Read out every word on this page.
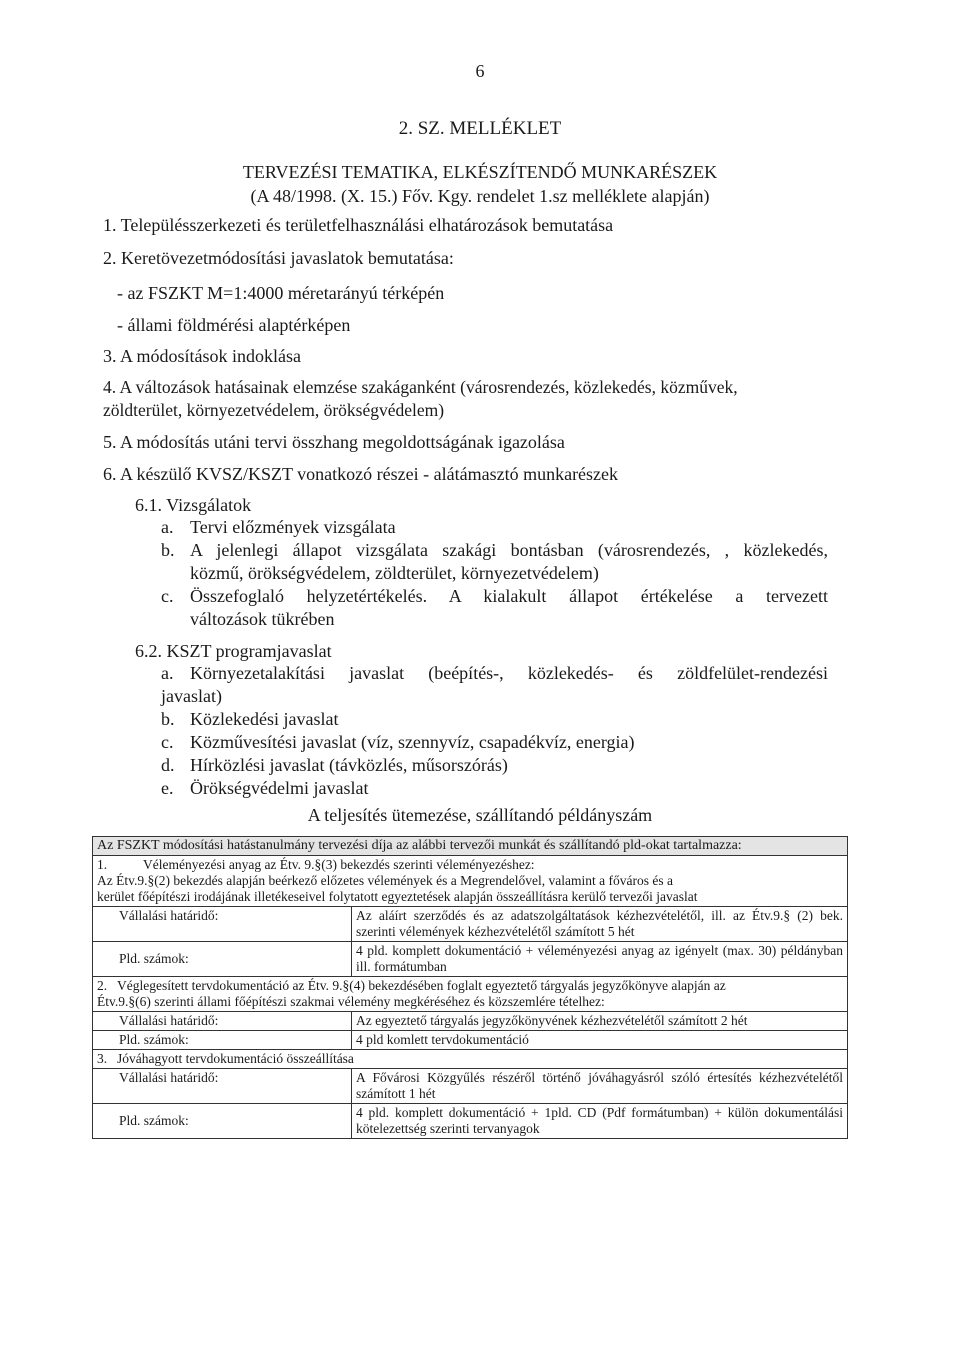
6
2. SZ. MELLÉKLET
TERVEZÉSI TEMATIKA, ELKÉSZÍTENDŐ MUNKARÉSZEK
(A 48/1998. (X. 15.) Főv. Kgy. rendelet 1.sz melléklete alapján)
1. Településszerkezeti és területfelhasználási elhatározások bemutatása
2. Keretövezetmódosítási javaslatok bemutatása:
- az FSZKT M=1:4000 méretarányú térképén
- állami földmérési alaptérképen
3. A módosítások indoklása
4. A változások hatásainak elemzése szakáganként (városrendezés, közlekedés, közművek,
zöldterület, környezetvédelem, örökségvédelem)
5. A módosítás utáni tervi összhang megoldottságának igazolása
6. A készülő KVSZ/KSZT vonatkozó részei - alátámasztó munkarészek
6.1. Vizsgálatok
a. Tervi előzmények vizsgálata
b. A jelenlegi állapot vizsgálata szakági bontásban (városrendezés, , közlekedés,
közmű, örökségvédelem, zöldterület, környezetvédelem)
c. Összefoglaló helyzetértékelés. A kialakult állapot értékelése a tervezett
változások tükrében
6.2. KSZT programjavaslat
a. Környezetalakítási javaslat (beépítés-, közlekedés- és zöldfelület-rendezési
javaslat)
b. Közlekedési javaslat
c. Közművesítési javaslat (víz, szennyvíz, csapadékvíz, energia)
d. Hírközlési javaslat (távközlés, műsorszórás)
e. Örökségvédelmi javaslat
A teljesítés ütemezése, szállítandó példányszám
Az FSZKT módosítási hatástanulmány tervezési díja az alábbi tervezői munkát és szállítandó pld-okat tartalmazza:	

1. Véleményezési anyag az Étv. 9.§(3) bekezdés szerinti véleményezéshez:
Az Étv.9.§(2) bekezdés alapján beérkező előzetes vélemények és a Megrendelővel, valamint a főváros és a
kerület főépítészi irodájának illetékeseivel folytatott egyeztetések alapján összeállításra kerülő tervezői javaslat	

Vállalási határidő:	Az aláírt szerződés és az adatszolgáltatások kézhezvételétől, ill. az Étv.9.§ (2) bek. szerinti vélemények kézhezvételétől számított 5 hét
Pld. számok:	4 pld. komplett dokumentáció + véleményezési anyag az igényelt (max. 30) példányban ill. formátumban

2. Véglegesített tervdokumentáció az Étv. 9.§(4) bekezdésében foglalt egyeztető tárgyalás jegyzőkönyve alapján az
Étv.9.§(6) szerinti állami főépítészi szakmai vélemény megkéréséhez és közszemlére tételhez:	

Vállalási határidő:	Az egyeztető tárgyalás jegyzőkönyvének kézhezvételétől számított 2 hét
Pld. számok:	4 pld komlett tervdokumentáció
3. Jóváhagyott tervdokumentáció összeállítása	
Vállalási határidő:	A Fővárosi Közgyűlés részéről történő jóváhagyásról szóló értesítés kézhezvételétől számított 1 hét
Pld. számok:	4 pld. komplett dokumentáció + 1pld. CD (Pdf formátumban) + külön dokumentálási kötelezettség szerinti tervanyagok
